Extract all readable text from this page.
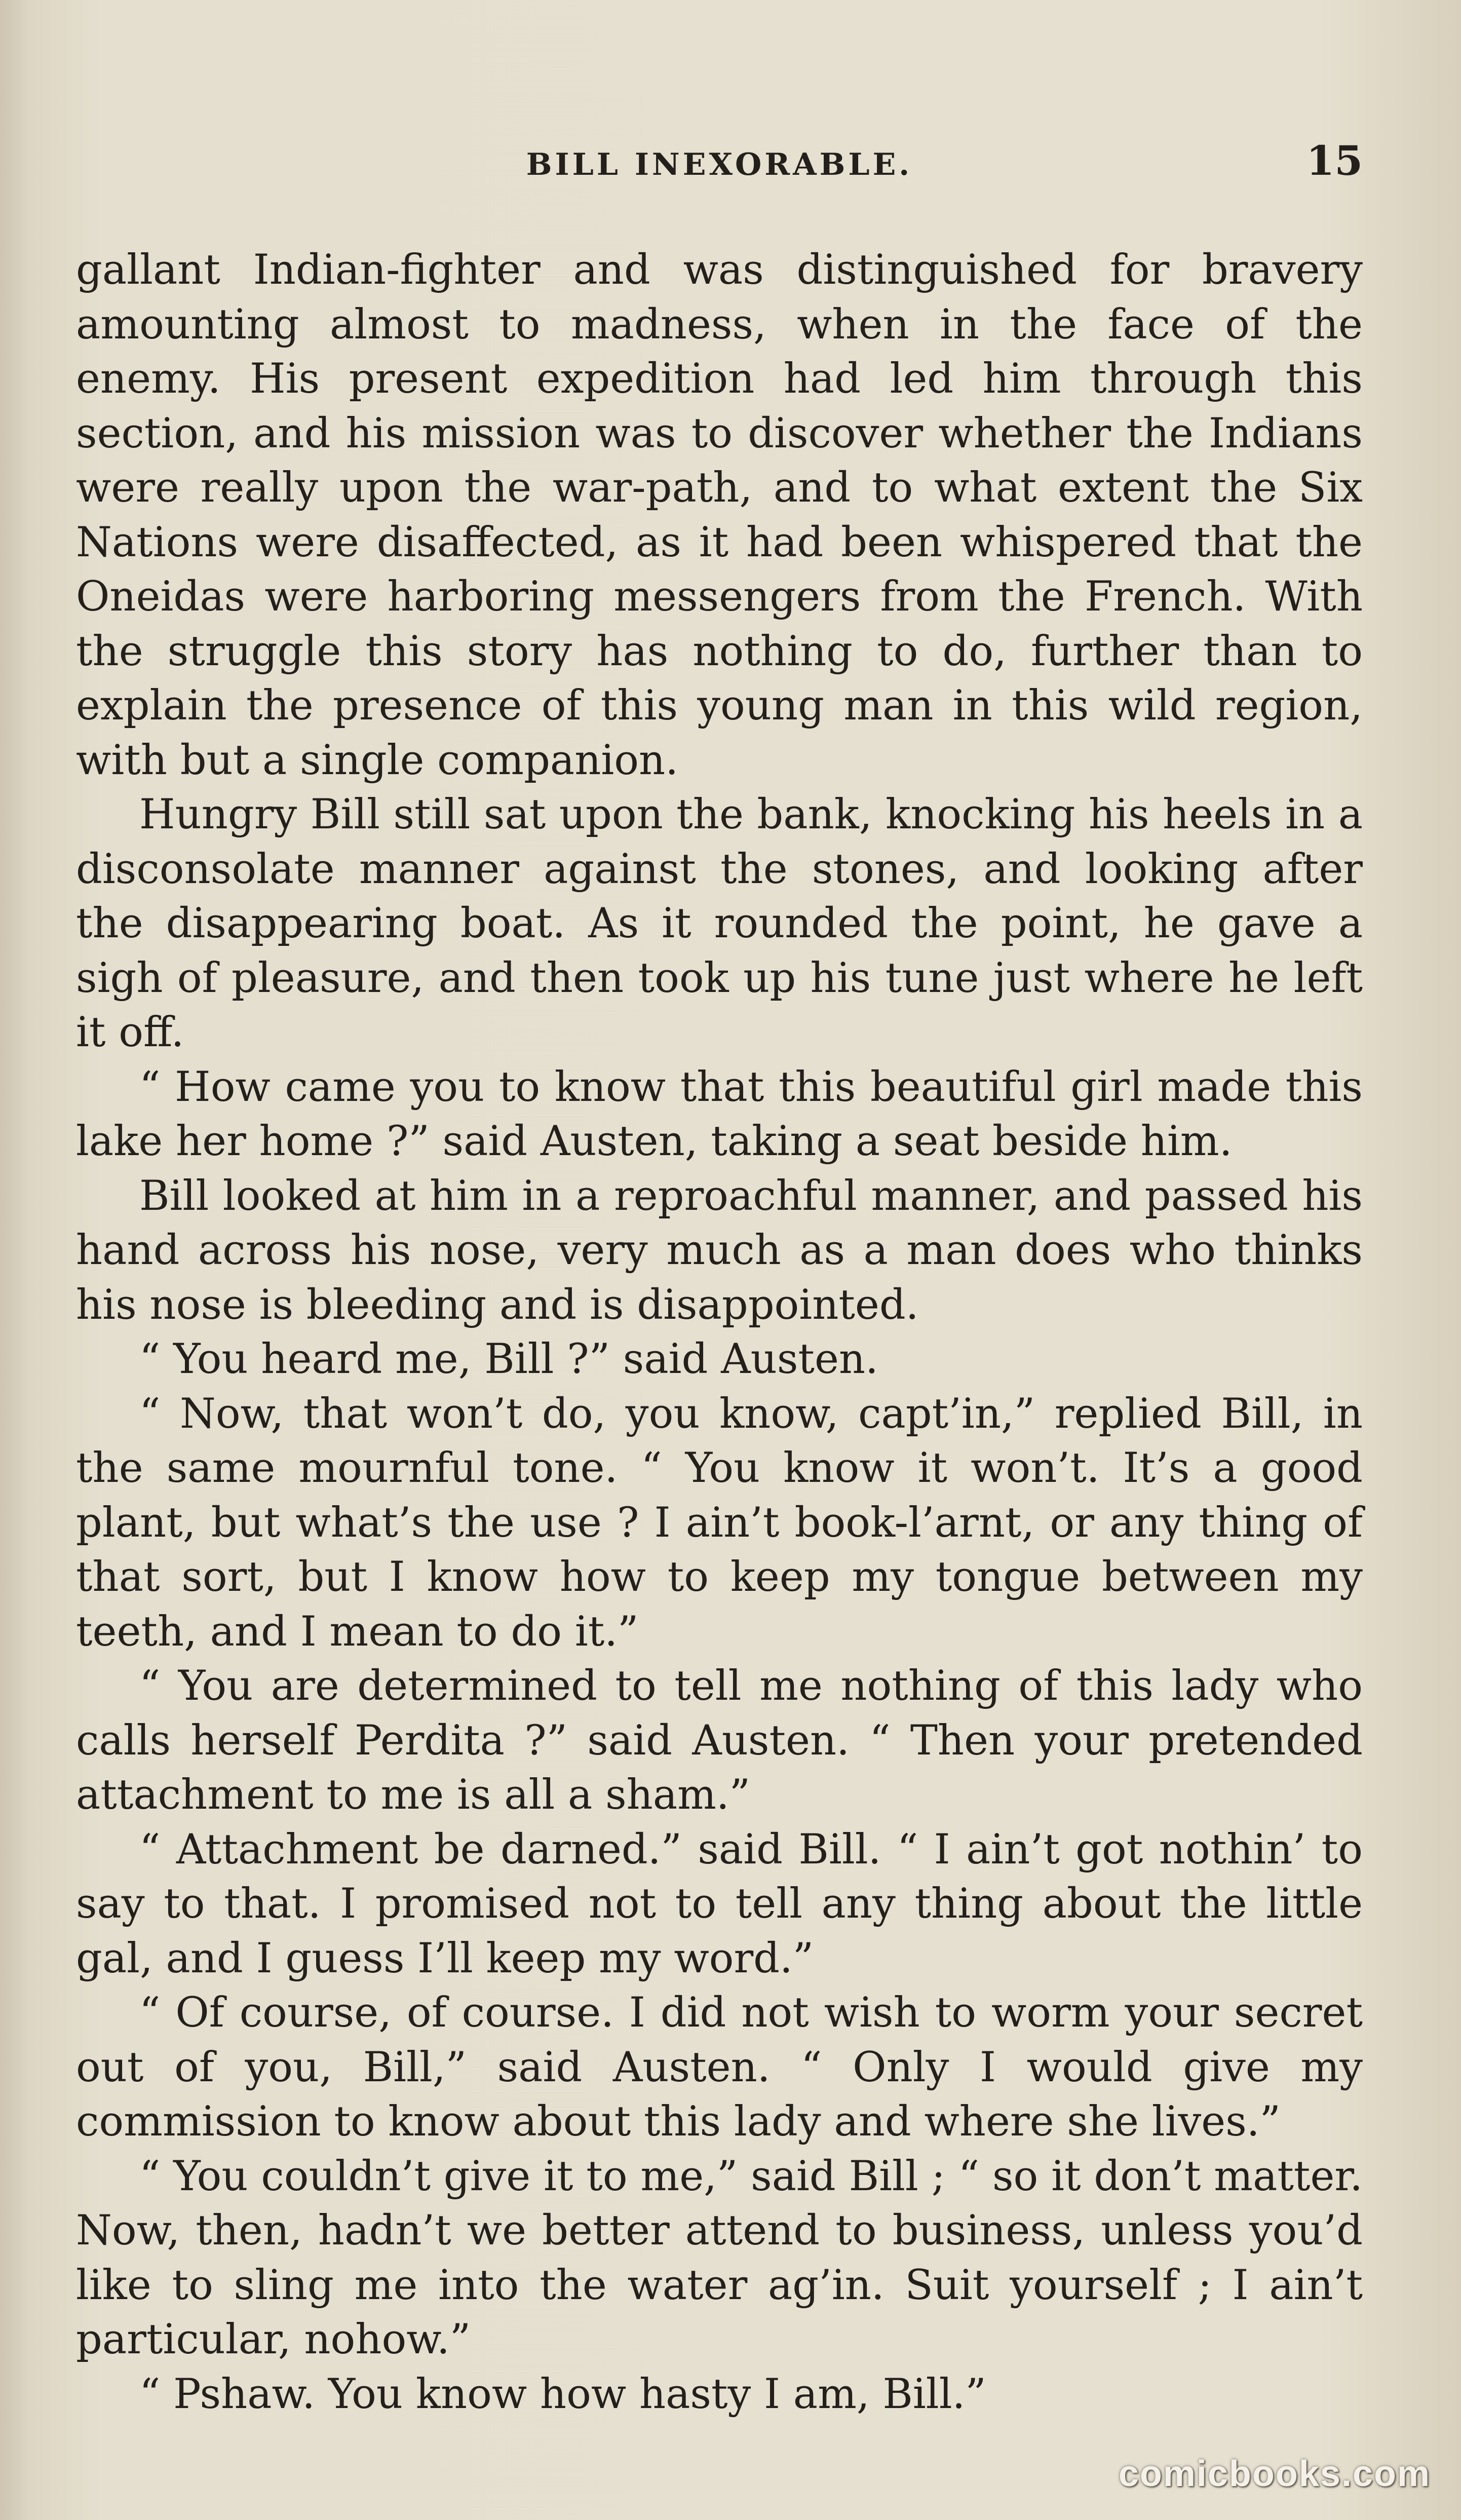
BILL INEXORABLE.	15

gallant Indian-fighter and was distinguished for bravery amounting almost to madness, when in the face of the enemy. His present expedition had led him through this section, and his mission was to discover whether the Indians were really upon the war-path, and to what extent the Six Nations were disaffected, as it had been whispered that the Oneidas were harboring messengers from the French. With the struggle this story has nothing to do, further than to explain the presence of this young man in this wild region, with but a single companion.

Hungry Bill still sat upon the bank, knocking his heels in a disconsolate manner against the stones, and looking after the disappearing boat. As it rounded the point, he gave a sigh of pleasure, and then took up his tune just where he left it off.

“ How came you to know that this beautiful girl made this lake her home ?” said Austen, taking a seat beside him.

Bill looked at him in a reproachful manner, and passed his hand across his nose, very much as a man does who thinks his nose is bleeding and is disappointed.

“ You heard me, Bill ?” said Austen.

“ Now, that won’t do, you know, capt’in,” replied Bill, in the same mournful tone. “ You know it won’t. It’s a good plant, but what’s the use ? I ain’t book-l’arnt, or any thing of that sort, but I know how to keep my tongue between my teeth, and I mean to do it.”

“ You are determined to tell me nothing of this lady who calls herself Perdita ?” said Austen. “ Then your pretended attachment to me is all a sham.”

“ Attachment be darned.” said Bill. “ I ain’t got nothin’ to say to that. I promised not to tell any thing about the little gal, and I guess I’ll keep my word.”

“ Of course, of course. I did not wish to worm your secret out of you, Bill,” said Austen. “ Only I would give my commission to know about this lady and where she lives.”

“ You couldn’t give it to me,” said Bill ; “ so it don’t matter. Now, then, hadn’t we better attend to business, unless you’d like to sling me into the water ag’in. Suit yourself ; I ain’t particular, nohow.”

“ Pshaw. You know how hasty I am, Bill.”

comicbooks.com
